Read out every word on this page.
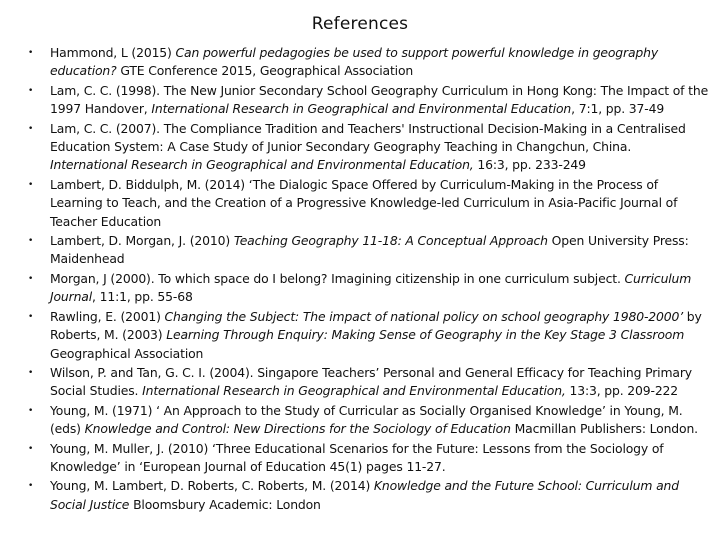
References
•	Hammond, L (2015) Can powerful pedagogies be used to support powerful knowledge in geography education? GTE Conference 2015, Geographical Association
•	Lam, C. C. (1998). The New Junior Secondary School Geography Curriculum in Hong Kong: The Impact of the 1997 Handover, International Research in Geographical and Environmental Education, 7:1, pp. 37-49
•	Lam, C. C. (2007). The Compliance Tradition and Teachers' Instructional Decision-Making in a Centralised Education System: A Case Study of Junior Secondary Geography Teaching in Changchun, China. International Research in Geographical and Environmental Education, 16:3, pp. 233-249
•	Lambert, D. Biddulph, M. (2014) ‘The Dialogic Space Offered by Curriculum-Making in the Process of Learning to Teach, and the Creation of a Progressive Knowledge-led Curriculum in Asia-Pacific Journal of Teacher Education
•	Lambert, D. Morgan, J. (2010) Teaching Geography 11-18: A Conceptual Approach Open University Press: Maidenhead
•	Morgan, J (2000). To which space do I belong? Imagining citizenship in one curriculum subject. Curriculum Journal, 11:1, pp. 55-68
•	Rawling, E. (2001) Changing the Subject: The impact of national policy on school geography 1980-2000’ by Roberts, M. (2003) Learning Through Enquiry: Making Sense of Geography in the Key Stage 3 Classroom Geographical Association
•	Wilson, P. and Tan, G. C. I. (2004). Singapore Teachers’ Personal and General Efficacy for Teaching Primary Social Studies. International Research in Geographical and Environmental Education, 13:3, pp. 209-222
•	Young, M. (1971) ‘ An Approach to the Study of Curricular as Socially Organised Knowledge’ in Young, M. (eds) Knowledge and Control: New Directions for the Sociology of Education Macmillan Publishers: London.
•	Young, M. Muller, J. (2010) ‘Three Educational Scenarios for the Future: Lessons from the Sociology of Knowledge’ in ‘European Journal of Education 45(1) pages 11-27.
•	Young, M. Lambert, D. Roberts, C. Roberts, M. (2014) Knowledge and the Future School: Curriculum and Social Justice Bloomsbury Academic: London
